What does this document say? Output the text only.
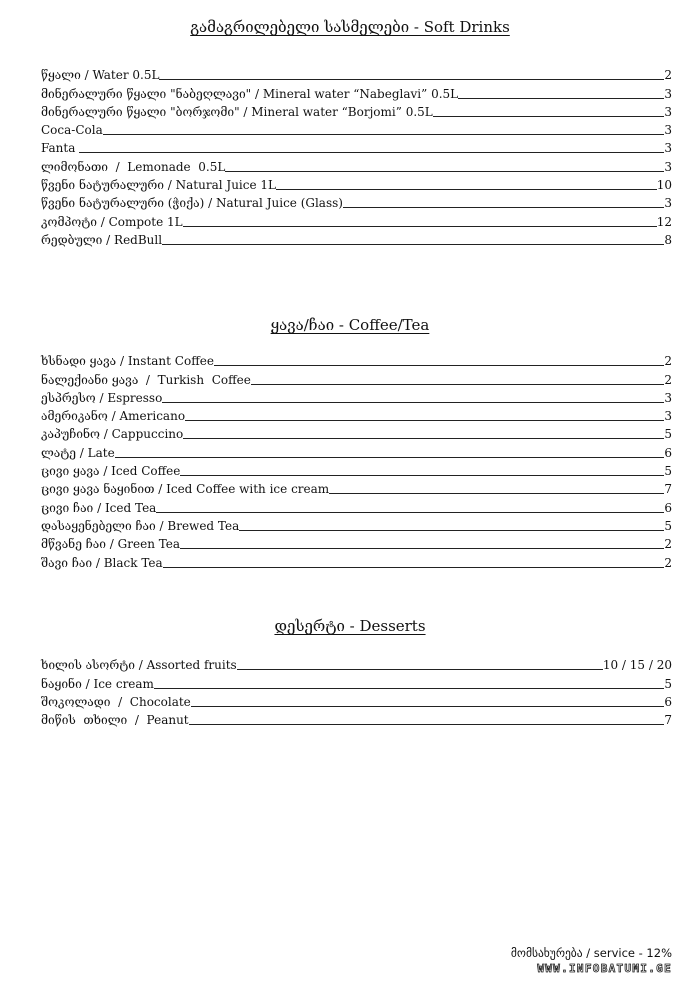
გამაგრილებელი სასმელები - Soft Drinks
წყალი / Water 0.5L	2
მინერალური წყალი "ნაბეღლავი" / Mineral water “Nabeglavi” 0.5L	3
მინერალური წყალი "ბორჯომი" / Mineral water “Borjomi” 0.5L	3
Coca-Cola	3
Fanta	3
ლიმონათი  /  Lemonade  0.5L	3
წვენი ნატურალური / Natural Juice 1L	10
წვენი ნატურალური (ჭიქა) / Natural Juice (Glass)	3
კომპოტი / Compote 1L	12
რედბული / RedBull	8
ყავა/ჩაი - Coffee/Tea
ხსნადი ყავა / Instant Coffee	2
ნალექიანი ყავა  /  Turkish  Coffee	2
ესპრესო / Espresso	3
ამერიკანო / Americano	3
კაპუჩინო / Cappuccino	5
ლატე / Late	6
ცივი ყავა / Iced Coffee	5
ცივი ყავა ნაყინით / Iced Coffee with ice cream	7
ცივი ჩაი / Iced Tea	6
დასაყენებელი ჩაი / Brewed Tea	5
მწვანე ჩაი / Green Tea	2
შავი ჩაი / Black Tea	2
დესერტი - Desserts
ხილის ასორტი / Assorted fruits	10 / 15 / 20
ნაყინი / Ice cream	5
შოკოლადი  /  Chocolate	6
მიწის  თხილი  /  Peanut	7
მომსახურება / service - 12%
WWW.INFOBATUMI.GE
